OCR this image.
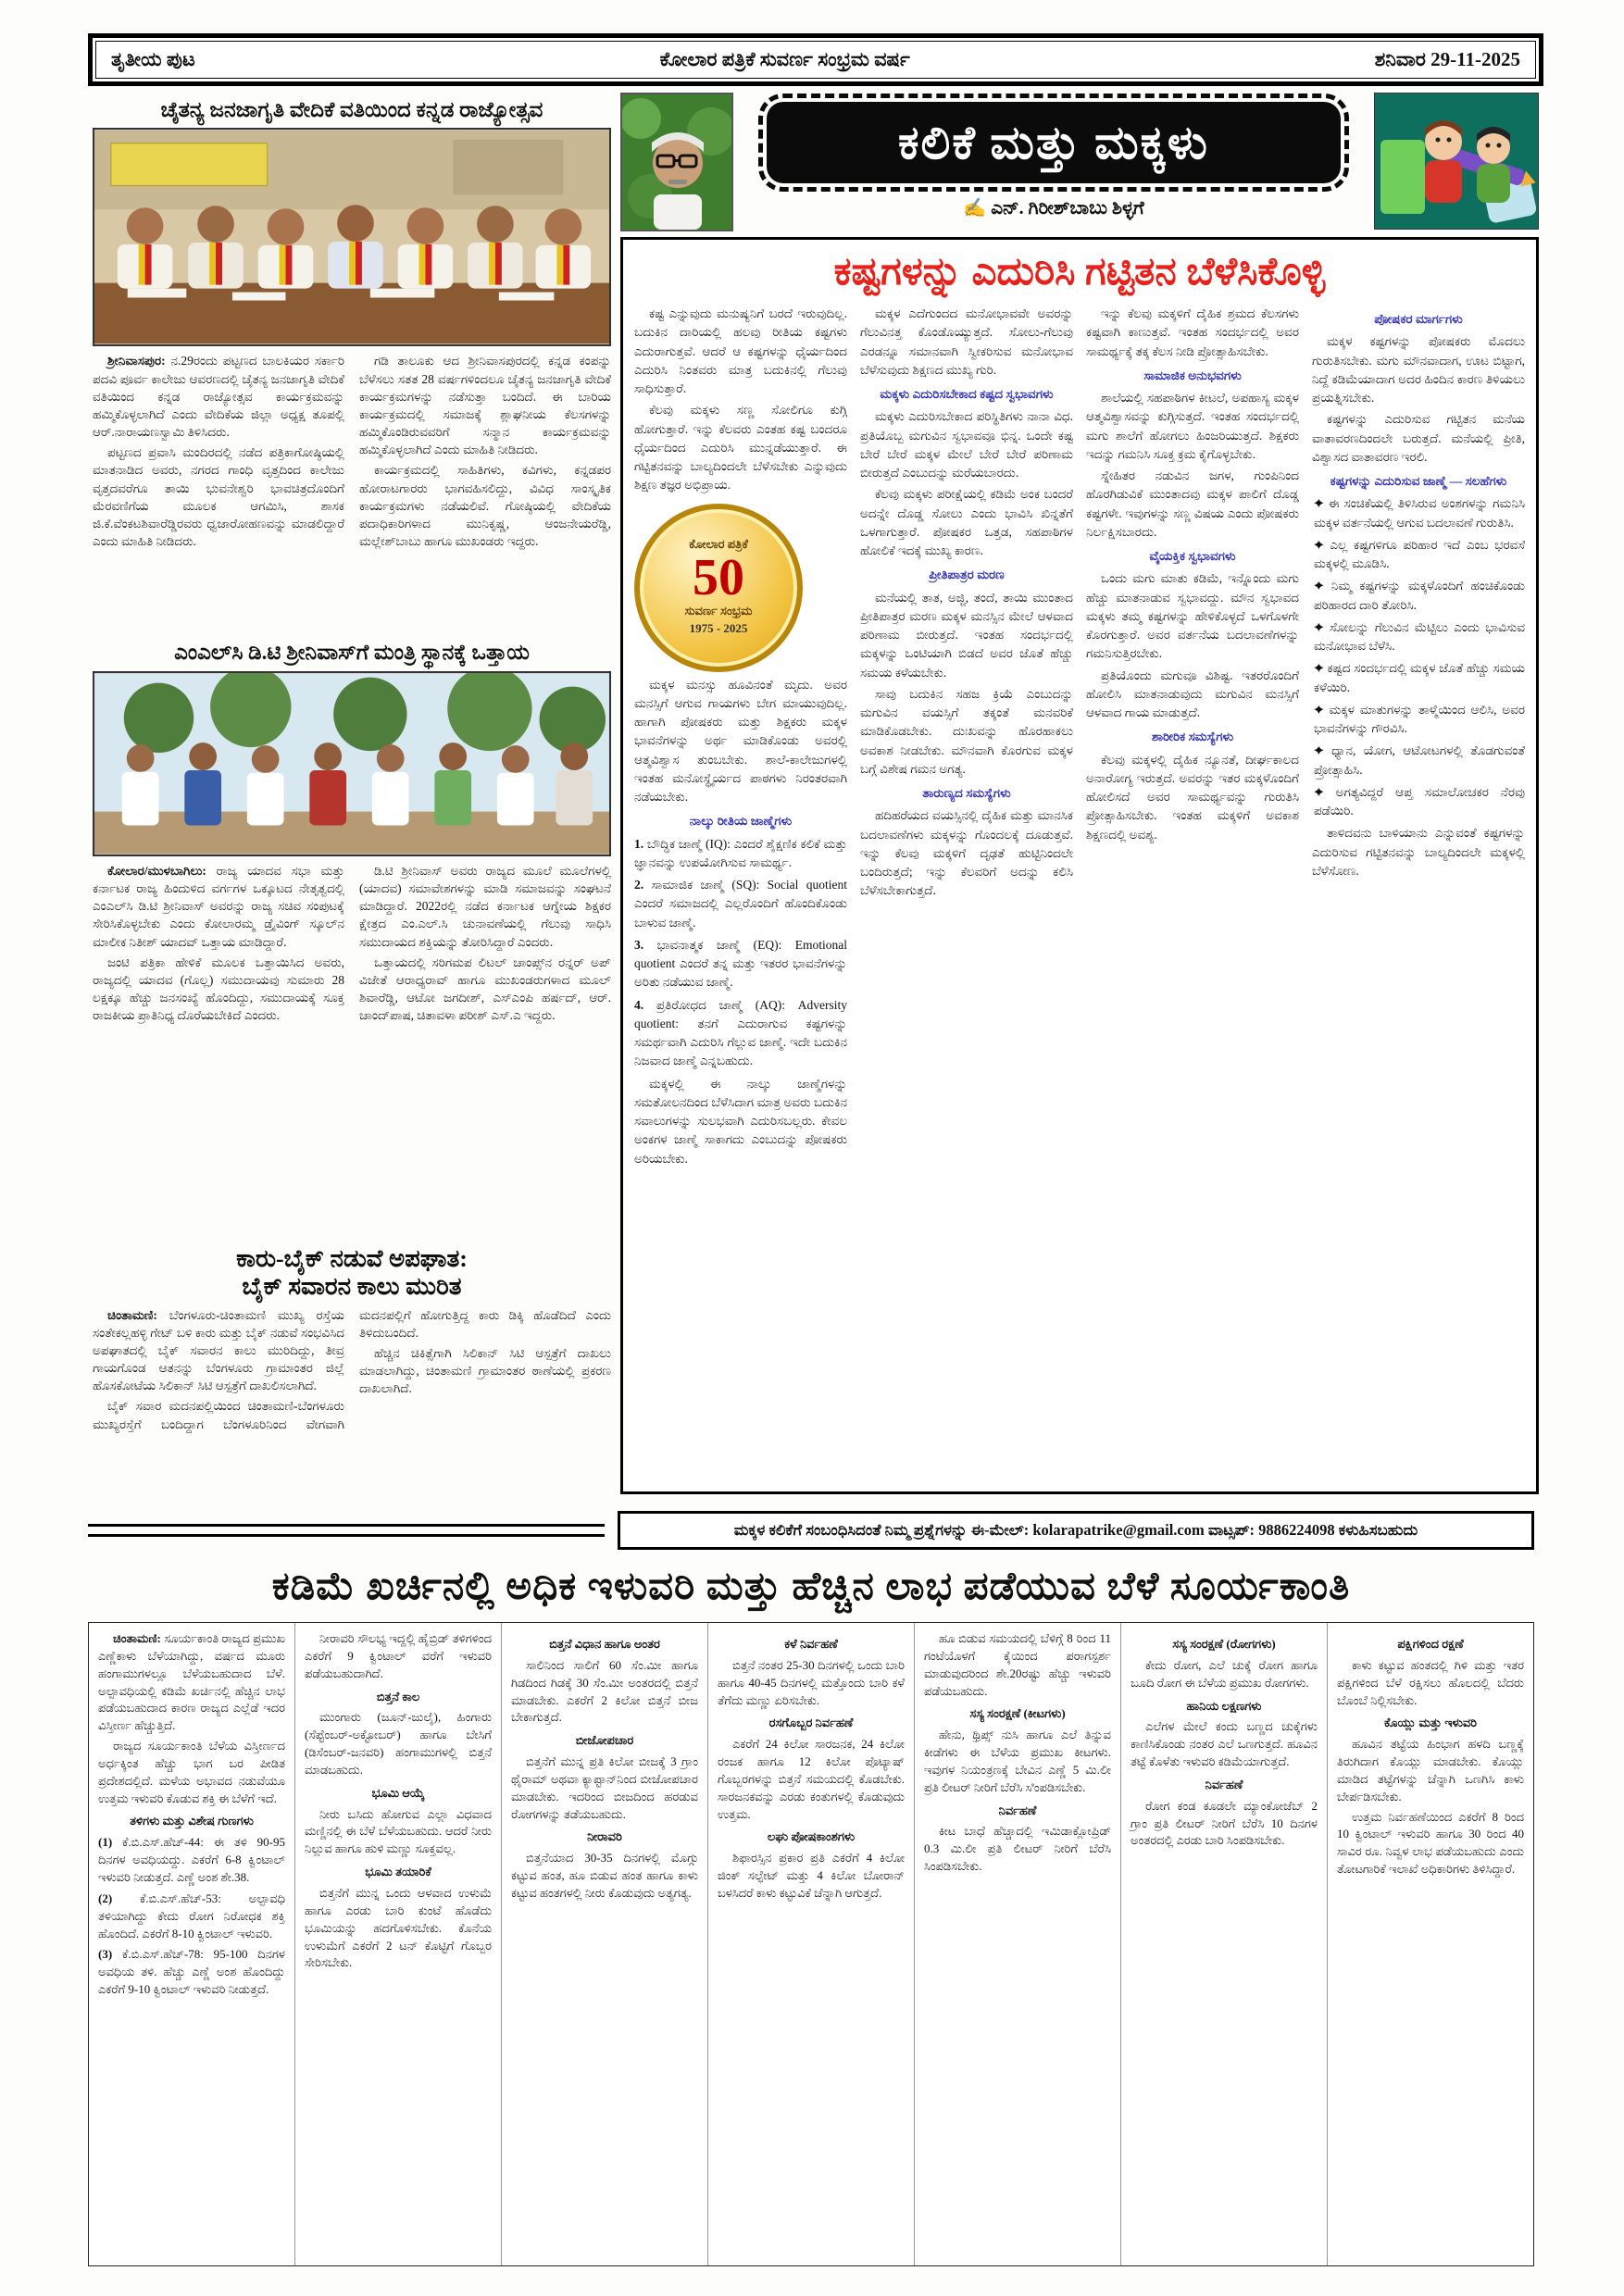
ತೃತೀಯ ಪುಟ	ಕೋಲಾರ ಪತ್ರಿಕೆ ಸುವರ್ಣ ಸಂಭ್ರಮ ವರ್ಷ	ಶನಿವಾರ 29-11-2025
ಚೈತನ್ಯ ಜನಜಾಗೃತಿ ವೇದಿಕೆ ವತಿಯಿಂದ ಕನ್ನಡ ರಾಜ್ಯೋತ್ಸವ
ಶ್ರೀನಿವಾಸಪುರ: ನ.29ರಂದು ಪಟ್ಟಣದ ಬಾಲಕಿಯರ ಸರ್ಕಾರಿ ಪದವಿ ಪೂರ್ವ ಕಾಲೇಜು ಆವರಣದಲ್ಲಿ ಚೈತನ್ಯ ಜನಜಾಗೃತಿ ವೇದಿಕೆ ವತಿಯಿಂದ ಕನ್ನಡ ರಾಜ್ಯೋತ್ಸವ ಕಾರ್ಯಕ್ರಮವನ್ನು ಹಮ್ಮಿಕೊಳ್ಳಲಾಗಿದೆ ಎಂದು ವೇದಿಕೆಯ ಜಿಲ್ಲಾ ಅಧ್ಯಕ್ಷ ತೂಪಲ್ಲಿ ಆರ್.ನಾರಾಯಣಸ್ವಾಮಿ ತಿಳಿಸಿದರು.
ಪಟ್ಟಣದ ಪ್ರವಾಸಿ ಮಂದಿರದಲ್ಲಿ ನಡೆದ ಪತ್ರಿಕಾಗೋಷ್ಠಿಯಲ್ಲಿ ಮಾತನಾಡಿದ ಅವರು, ನಗರದ ಗಾಂಧಿ ವೃತ್ತದಿಂದ ಕಾಲೇಜು ವೃತ್ತದವರೆಗೂ ತಾಯಿ ಭುವನೇಶ್ವರಿ ಭಾವಚಿತ್ರದೊಂದಿಗೆ ಮೆರವಣಿಗೆಯ ಮೂಲಕ ಆಗಮಿಸಿ, ಶಾಸಕ ಜಿ.ಕೆ.ವೆಂಕಟಶಿವಾರೆಡ್ಡಿರವರು ಧ್ವಜಾರೋಹಣವನ್ನು ಮಾಡಲಿದ್ದಾರೆ ಎಂದು ಮಾಹಿತಿ ನೀಡಿದರು.
ಗಡಿ ತಾಲೂಕು ಆದ ಶ್ರೀನಿವಾಸಪುರದಲ್ಲಿ ಕನ್ನಡ ಕಂಪನ್ನು ಬೆಳೆಸಲು ಸತತ 28 ವರ್ಷಗಳಿಂದಲೂ ಚೈತನ್ಯ ಜನಜಾಗೃತಿ ವೇದಿಕೆ ಕಾರ್ಯಕ್ರಮಗಳನ್ನು ನಡೆಸುತ್ತಾ ಬಂದಿದೆ. ಈ ಬಾರಿಯ ಕಾರ್ಯಕ್ರಮದಲ್ಲಿ ಸಮಾಜಕ್ಕೆ ಶ್ಲಾಘನೀಯ ಕೆಲಸಗಳನ್ನು ಹಮ್ಮಿಕೊಂಡಿರುವವರಿಗೆ ಸನ್ಮಾನ ಕಾರ್ಯಕ್ರಮವನ್ನು ಹಮ್ಮಿಕೊಳ್ಳಲಾಗಿದೆ ಎಂದು ಮಾಹಿತಿ ನೀಡಿದರು.
ಕಾರ್ಯಕ್ರಮದಲ್ಲಿ ಸಾಹಿತಿಗಳು, ಕವಿಗಳು, ಕನ್ನಡಪರ ಹೋರಾಟಗಾರರು ಭಾಗವಹಿಸಲಿದ್ದು, ವಿವಿಧ ಸಾಂಸ್ಕೃತಿಕ ಕಾರ್ಯಕ್ರಮಗಳು ನಡೆಯಲಿವೆ. ಗೋಷ್ಠಿಯಲ್ಲಿ ವೇದಿಕೆಯ ಪದಾಧಿಕಾರಿಗಳಾದ ಮುನಿಕೃಷ್ಣ, ಆಂಜನೇಯರೆಡ್ಡಿ, ಮಲ್ಲೇಶ್‌ಬಾಬು ಹಾಗೂ ಮುಖಂಡರು ಇದ್ದರು.
ಎಂಎಲ್‌ಸಿ ಡಿ.ಟಿ ಶ್ರೀನಿವಾಸ್‌ಗೆ ಮಂತ್ರಿ ಸ್ಥಾನಕ್ಕೆ ಒತ್ತಾಯ
ಕೋಲಾರ/ಮುಳಬಾಗಿಲು: ರಾಜ್ಯ ಯಾದವ ಸಭಾ ಮತ್ತು ಕರ್ನಾಟಕ ರಾಜ್ಯ ಹಿಂದುಳಿದ ವರ್ಗಗಳ ಒಕ್ಕೂಟದ ನೇತೃತ್ವದಲ್ಲಿ ಎಂಎಲ್‌ಸಿ ಡಿ.ಟಿ ಶ್ರೀನಿವಾಸ್ ಅವರನ್ನು ರಾಜ್ಯ ಸಚಿವ ಸಂಪುಟಕ್ಕೆ ಸೇರಿಸಿಕೊಳ್ಳಬೇಕು ಎಂದು ಕೋಲಾರಮ್ಮ ಡ್ರೈವಿಂಗ್ ಸ್ಕೂಲ್‌ನ ಮಾಲೀಕ ನಿತೀಶ್ ಯಾದವ್ ಒತ್ತಾಯ ಮಾಡಿದ್ದಾರೆ.
ಜಂಟಿ ಪತ್ರಿಕಾ ಹೇಳಿಕೆ ಮೂಲಕ ಒತ್ತಾಯಿಸಿದ ಅವರು, ರಾಜ್ಯದಲ್ಲಿ ಯಾದವ (ಗೊಲ್ಲ) ಸಮುದಾಯವು ಸುಮಾರು 28 ಲಕ್ಷಕ್ಕೂ ಹೆಚ್ಚು ಜನಸಂಖ್ಯೆ ಹೊಂದಿದ್ದು, ಸಮುದಾಯಕ್ಕೆ ಸೂಕ್ತ ರಾಜಕೀಯ ಪ್ರಾತಿನಿಧ್ಯ ದೊರೆಯಬೇಕಿದೆ ಎಂದರು.
ಡಿ.ಟಿ ಶ್ರೀನಿವಾಸ್ ಅವರು ರಾಜ್ಯದ ಮೂಲೆ ಮೂಲೆಗಳಲ್ಲಿ (ಯಾದವ) ಸಮಾವೇಶಗಳನ್ನು ಮಾಡಿ ಸಮಾಜವನ್ನು ಸಂಘಟನೆ ಮಾಡಿದ್ದಾರೆ. 2022ರಲ್ಲಿ ನಡೆದ ಕರ್ನಾಟಕ ಆಗ್ನೇಯ ಶಿಕ್ಷಕರ ಕ್ಷೇತ್ರದ ಎಂ.ಎಲ್.ಸಿ ಚುನಾವಣೆಯಲ್ಲಿ ಗೆಲುವು ಸಾಧಿಸಿ ಸಮುದಾಯದ ಶಕ್ತಿಯನ್ನು ತೋರಿಸಿದ್ದಾರೆ ಎಂದರು.
ಒತ್ತಾಯದಲ್ಲಿ ಸರಿಗಮಪ ಲಿಟಲ್ ಚಾಂಪ್ಸ್‌ನ ರನ್ನರ್ ಅಪ್ ವಿಜೇತೆ ಆರಾಧ್ಯರಾವ್ ಹಾಗೂ ಮುಖಂಡರುಗಳಾದ ಮೂಲ್ ಶಿವಾರೆಡ್ಡಿ, ಆಟೋ ಜಗದೀಶ್, ಎಸ್‌ಎಂಪಿ ಹರ್ಷದ್, ಆರ್. ಚಾಂದ್‌ಪಾಷ, ಚಿತಾವಳಾ ಪರೀಶ್ ಎಸ್.ಎ ಇದ್ದರು.
ಕಾರು-ಬೈಕ್ ನಡುವೆ ಅಪಘಾತ:
ಬೈಕ್ ಸವಾರನ ಕಾಲು ಮುರಿತ
ಚಿಂತಾಮಣಿ: ಬೆಂಗಳೂರು-ಚಿಂತಾಮಣಿ ಮುಖ್ಯ ರಸ್ತೆಯ ಸಂತೇಕಲ್ಲಹಳ್ಳಿ ಗೇಟ್ ಬಳಿ ಕಾರು ಮತ್ತು ಬೈಕ್ ನಡುವೆ ಸಂಭವಿಸಿದ ಅಪಘಾತದಲ್ಲಿ ಬೈಕ್ ಸವಾರನ ಕಾಲು ಮುರಿದಿದ್ದು, ತೀವ್ರ ಗಾಯಗೊಂಡ ಆತನನ್ನು ಬೆಂಗಳೂರು ಗ್ರಾಮಾಂತರ ಜಿಲ್ಲೆ ಹೊಸಕೋಟೆಯ ಸಿಲಿಕಾನ್ ಸಿಟಿ ಆಸ್ಪತ್ರೆಗೆ ದಾಖಲಿಸಲಾಗಿದೆ.
ಬೈಕ್ ಸವಾರ ಮದನಪಲ್ಲಿಯಿಂದ ಚಿಂತಾಮಣಿ-ಬೆಂಗಳೂರು ಮುಖ್ಯರಸ್ತೆಗೆ ಬಂದಿದ್ದಾಗ ಬೆಂಗಳೂರಿನಿಂದ ವೇಗವಾಗಿ ಮದನಪಲ್ಲಿಗೆ ಹೋಗುತ್ತಿದ್ದ ಕಾರು ಡಿಕ್ಕಿ ಹೊಡೆದಿದೆ ಎಂದು ತಿಳಿದುಬಂದಿದೆ.
ಹೆಚ್ಚಿನ ಚಿಕಿತ್ಸೆಗಾಗಿ ಸಿಲಿಕಾನ್ ಸಿಟಿ ಆಸ್ಪತ್ರೆಗೆ ದಾಖಲು ಮಾಡಲಾಗಿದ್ದು, ಚಿಂತಾಮಣಿ ಗ್ರಾಮಾಂತರ ಠಾಣೆಯಲ್ಲಿ ಪ್ರಕರಣ ದಾಖಲಾಗಿದೆ.
ಕಲಿಕೆ ಮತ್ತು ಮಕ್ಕಳು
✍ ಎನ್. ಗಿರೀಶ್‌ಬಾಬು ಶಿಳ್ಳಗೆ
ಕಷ್ಟಗಳನ್ನು ಎದುರಿಸಿ ಗಟ್ಟಿತನ ಬೆಳೆಸಿಕೊಳ್ಳಿ
ಕಷ್ಟ ಎನ್ನುವುದು ಮನುಷ್ಯನಿಗೆ ಬರದೆ ಇರುವುದಿಲ್ಲ. ಬದುಕಿನ ದಾರಿಯಲ್ಲಿ ಹಲವು ರೀತಿಯ ಕಷ್ಟಗಳು ಎದುರಾಗುತ್ತವೆ. ಆದರೆ ಆ ಕಷ್ಟಗಳನ್ನು ಧೈರ್ಯದಿಂದ ಎದುರಿಸಿ ನಿಂತವರು ಮಾತ್ರ ಬದುಕಿನಲ್ಲಿ ಗೆಲುವು ಸಾಧಿಸುತ್ತಾರೆ.
ಕೆಲವು ಮಕ್ಕಳು ಸಣ್ಣ ಸೋಲಿಗೂ ಕುಗ್ಗಿ ಹೋಗುತ್ತಾರೆ. ಇನ್ನು ಕೆಲವರು ಎಂತಹ ಕಷ್ಟ ಬಂದರೂ ಧೈರ್ಯದಿಂದ ಎದುರಿಸಿ ಮುನ್ನಡೆಯುತ್ತಾರೆ. ಈ ಗಟ್ಟಿತನವನ್ನು ಬಾಲ್ಯದಿಂದಲೇ ಬೆಳೆಸಬೇಕು ಎನ್ನುವುದು ಶಿಕ್ಷಣ ತಜ್ಞರ ಅಭಿಪ್ರಾಯ.
ಕೋಲಾರ ಪತ್ರಿಕೆ
50
ಸುವರ್ಣ ಸಂಭ್ರಮ
1975 - 2025
ಮಕ್ಕಳ ಮನಸ್ಸು ಹೂವಿನಂತೆ ಮೃದು. ಅವರ ಮನಸ್ಸಿಗೆ ಆಗುವ ಗಾಯಗಳು ಬೇಗ ಮಾಯುವುದಿಲ್ಲ. ಹಾಗಾಗಿ ಪೋಷಕರು ಮತ್ತು ಶಿಕ್ಷಕರು ಮಕ್ಕಳ ಭಾವನೆಗಳನ್ನು ಅರ್ಥ ಮಾಡಿಕೊಂಡು ಅವರಲ್ಲಿ ಆತ್ಮವಿಶ್ವಾಸ ತುಂಬಬೇಕು. ಶಾಲೆ-ಕಾಲೇಜುಗಳಲ್ಲಿ ಇಂತಹ ಮನೋಸ್ಥೈರ್ಯದ ಪಾಠಗಳು ನಿರಂತರವಾಗಿ ನಡೆಯಬೇಕು.
ನಾಲ್ಕು ರೀತಿಯ ಜಾಣ್ಮೆಗಳು
1. ಬೌದ್ಧಿಕ ಜಾಣ್ಮೆ (IQ): ಎಂದರೆ ಶೈಕ್ಷಣಿಕ ಕಲಿಕೆ ಮತ್ತು ಜ್ಞಾನವನ್ನು ಉಪಯೋಗಿಸುವ ಸಾಮರ್ಥ್ಯ.
2. ಸಾಮಾಜಿಕ ಜಾಣ್ಮೆ (SQ): Social quotient ಎಂದರೆ ಸಮಾಜದಲ್ಲಿ ಎಲ್ಲರೊಂದಿಗೆ ಹೊಂದಿಕೊಂಡು ಬಾಳುವ ಜಾಣ್ಮೆ.
3. ಭಾವನಾತ್ಮಕ ಜಾಣ್ಮೆ (EQ): Emotional quotient ಎಂದರೆ ತನ್ನ ಮತ್ತು ಇತರರ ಭಾವನೆಗಳನ್ನು ಅರಿತು ನಡೆಯುವ ಜಾಣ್ಮೆ.
4. ಪ್ರತಿರೋಧದ ಜಾಣ್ಮೆ (AQ): Adversity quotient: ತನಗೆ ಎದುರಾಗುವ ಕಷ್ಟಗಳನ್ನು ಸಮರ್ಥವಾಗಿ ಎದುರಿಸಿ ಗೆಲ್ಲುವ ಜಾಣ್ಮೆ. ಇದೇ ಬದುಕಿನ ನಿಜವಾದ ಜಾಣ್ಮೆ ಎನ್ನಬಹುದು.
ಮಕ್ಕಳಲ್ಲಿ ಈ ನಾಲ್ಕು ಜಾಣ್ಮೆಗಳನ್ನು ಸಮತೋಲನದಿಂದ ಬೆಳೆಸಿದಾಗ ಮಾತ್ರ ಅವರು ಬದುಕಿನ ಸವಾಲುಗಳನ್ನು ಸುಲಭವಾಗಿ ಎದುರಿಸಬಲ್ಲರು. ಕೇವಲ ಅಂಕಗಳ ಜಾಣ್ಮೆ ಸಾಕಾಗದು ಎಂಬುದನ್ನು ಪೋಷಕರು ಅರಿಯಬೇಕು.
ಮಕ್ಕಳ ಎದೆಗುಂದದ ಮನೋಭಾವವೇ ಅವರನ್ನು ಗೆಲುವಿನತ್ತ ಕೊಂಡೊಯ್ಯುತ್ತದೆ. ಸೋಲು-ಗೆಲುವು ಎರಡನ್ನೂ ಸಮಾನವಾಗಿ ಸ್ವೀಕರಿಸುವ ಮನೋಭಾವ ಬೆಳೆಸುವುದು ಶಿಕ್ಷಣದ ಮುಖ್ಯ ಗುರಿ.
ಮಕ್ಕಳು ಎದುರಿಸಬೇಕಾದ ಕಷ್ಟದ ಸ್ವಭಾವಗಳು
ಮಕ್ಕಳು ಎದುರಿಸಬೇಕಾದ ಪರಿಸ್ಥಿತಿಗಳು ನಾನಾ ವಿಧ. ಪ್ರತಿಯೊಬ್ಬ ಮಗುವಿನ ಸ್ವಭಾವವೂ ಭಿನ್ನ. ಒಂದೇ ಕಷ್ಟ ಬೇರೆ ಬೇರೆ ಮಕ್ಕಳ ಮೇಲೆ ಬೇರೆ ಬೇರೆ ಪರಿಣಾಮ ಬೀರುತ್ತದೆ ಎಂಬುದನ್ನು ಮರೆಯಬಾರದು.
ಕೆಲವು ಮಕ್ಕಳು ಪರೀಕ್ಷೆಯಲ್ಲಿ ಕಡಿಮೆ ಅಂಕ ಬಂದರೆ ಅದನ್ನೇ ದೊಡ್ಡ ಸೋಲು ಎಂದು ಭಾವಿಸಿ ಖಿನ್ನತೆಗೆ ಒಳಗಾಗುತ್ತಾರೆ. ಪೋಷಕರ ಒತ್ತಡ, ಸಹಪಾಠಿಗಳ ಹೋಲಿಕೆ ಇದಕ್ಕೆ ಮುಖ್ಯ ಕಾರಣ.
ಪ್ರೀತಿಪಾತ್ರರ ಮರಣ
ಮನೆಯಲ್ಲಿ ತಾತ, ಅಜ್ಜಿ, ತಂದೆ, ತಾಯಿ ಮುಂತಾದ ಪ್ರೀತಿಪಾತ್ರರ ಮರಣ ಮಕ್ಕಳ ಮನಸ್ಸಿನ ಮೇಲೆ ಆಳವಾದ ಪರಿಣಾಮ ಬೀರುತ್ತದೆ. ಇಂತಹ ಸಂದರ್ಭದಲ್ಲಿ ಮಕ್ಕಳನ್ನು ಒಂಟಿಯಾಗಿ ಬಿಡದೆ ಅವರ ಜೊತೆ ಹೆಚ್ಚು ಸಮಯ ಕಳೆಯಬೇಕು.
ಸಾವು ಬದುಕಿನ ಸಹಜ ಕ್ರಿಯೆ ಎಂಬುದನ್ನು ಮಗುವಿನ ವಯಸ್ಸಿಗೆ ತಕ್ಕಂತೆ ಮನವರಿಕೆ ಮಾಡಿಕೊಡಬೇಕು. ದುಃಖವನ್ನು ಹೊರಹಾಕಲು ಅವಕಾಶ ನೀಡಬೇಕು. ಮೌನವಾಗಿ ಕೊರಗುವ ಮಕ್ಕಳ ಬಗ್ಗೆ ವಿಶೇಷ ಗಮನ ಅಗತ್ಯ.
ತಾರುಣ್ಯದ ಸಮಸ್ಯೆಗಳು
ಹದಿಹರೆಯದ ವಯಸ್ಸಿನಲ್ಲಿ ದೈಹಿಕ ಮತ್ತು ಮಾನಸಿಕ ಬದಲಾವಣೆಗಳು ಮಕ್ಕಳನ್ನು ಗೊಂದಲಕ್ಕೆ ದೂಡುತ್ತವೆ. ಇನ್ನು ಕೆಲವು ಮಕ್ಕಳಿಗೆ ದೃಢತೆ ಹುಟ್ಟಿನಿಂದಲೇ ಬಂದಿರುತ್ತದೆ; ಇನ್ನು ಕೆಲವರಿಗೆ ಅದನ್ನು ಕಲಿಸಿ ಬೆಳೆಸಬೇಕಾಗುತ್ತದೆ.
ಇನ್ನು ಕೆಲವು ಮಕ್ಕಳಿಗೆ ದೈಹಿಕ ಶ್ರಮದ ಕೆಲಸಗಳು ಕಷ್ಟವಾಗಿ ಕಾಣುತ್ತವೆ. ಇಂತಹ ಸಂದರ್ಭದಲ್ಲಿ ಅವರ ಸಾಮರ್ಥ್ಯಕ್ಕೆ ತಕ್ಕ ಕೆಲಸ ನೀಡಿ ಪ್ರೋತ್ಸಾಹಿಸಬೇಕು.
ಸಾಮಾಜಿಕ ಅನುಭವಗಳು
ಶಾಲೆಯಲ್ಲಿ ಸಹಪಾಠಿಗಳ ಕೀಟಲೆ, ಅಪಹಾಸ್ಯ ಮಕ್ಕಳ ಆತ್ಮವಿಶ್ವಾಸವನ್ನು ಕುಗ್ಗಿಸುತ್ತದೆ. ಇಂತಹ ಸಂದರ್ಭದಲ್ಲಿ ಮಗು ಶಾಲೆಗೆ ಹೋಗಲು ಹಿಂಜರಿಯುತ್ತದೆ. ಶಿಕ್ಷಕರು ಇದನ್ನು ಗಮನಿಸಿ ಸೂಕ್ತ ಕ್ರಮ ಕೈಗೊಳ್ಳಬೇಕು.
ಸ್ನೇಹಿತರ ನಡುವಿನ ಜಗಳ, ಗುಂಪಿನಿಂದ ಹೊರಗಿಡುವಿಕೆ ಮುಂತಾದವು ಮಕ್ಕಳ ಪಾಲಿಗೆ ದೊಡ್ಡ ಕಷ್ಟಗಳೇ. ಇವುಗಳನ್ನು ಸಣ್ಣ ವಿಷಯ ಎಂದು ಪೋಷಕರು ನಿರ್ಲಕ್ಷಿಸಬಾರದು.
ವೈಯಕ್ತಿಕ ಸ್ವಭಾವಗಳು
ಒಂದು ಮಗು ಮಾತು ಕಡಿಮೆ, ಇನ್ನೊಂದು ಮಗು ಹೆಚ್ಚು ಮಾತನಾಡುವ ಸ್ವಭಾವದ್ದು. ಮೌನ ಸ್ವಭಾವದ ಮಕ್ಕಳು ತಮ್ಮ ಕಷ್ಟಗಳನ್ನು ಹೇಳಿಕೊಳ್ಳದೆ ಒಳಗೊಳಗೇ ಕೊರಗುತ್ತಾರೆ. ಅವರ ವರ್ತನೆಯ ಬದಲಾವಣೆಗಳನ್ನು ಗಮನಿಸುತ್ತಿರಬೇಕು.
ಪ್ರತಿಯೊಂದು ಮಗುವೂ ವಿಶಿಷ್ಟ. ಇತರರೊಂದಿಗೆ ಹೋಲಿಸಿ ಮಾತನಾಡುವುದು ಮಗುವಿನ ಮನಸ್ಸಿಗೆ ಆಳವಾದ ಗಾಯ ಮಾಡುತ್ತದೆ.
ಶಾರೀರಿಕ ಸಮಸ್ಯೆಗಳು
ಕೆಲವು ಮಕ್ಕಳಲ್ಲಿ ದೈಹಿಕ ನ್ಯೂನತೆ, ದೀರ್ಘಕಾಲದ ಅನಾರೋಗ್ಯ ಇರುತ್ತದೆ. ಅವರನ್ನು ಇತರ ಮಕ್ಕಳೊಂದಿಗೆ ಹೋಲಿಸದೆ ಅವರ ಸಾಮರ್ಥ್ಯವನ್ನು ಗುರುತಿಸಿ ಪ್ರೋತ್ಸಾಹಿಸಬೇಕು. ಇಂತಹ ಮಕ್ಕಳಿಗೆ ಅವಕಾಶ ಶಿಕ್ಷಣದಲ್ಲಿ ಅವಶ್ಯ.
ಪೋಷಕರ ಮಾರ್ಗಗಳು
ಮಕ್ಕಳ ಕಷ್ಟಗಳನ್ನು ಪೋಷಕರು ಮೊದಲು ಗುರುತಿಸಬೇಕು. ಮಗು ಮೌನವಾದಾಗ, ಊಟ ಬಿಟ್ಟಾಗ, ನಿದ್ದೆ ಕಡಿಮೆಯಾದಾಗ ಅದರ ಹಿಂದಿನ ಕಾರಣ ತಿಳಿಯಲು ಪ್ರಯತ್ನಿಸಬೇಕು.
ಕಷ್ಟಗಳನ್ನು ಎದುರಿಸುವ ಗಟ್ಟಿತನ ಮನೆಯ ವಾತಾವರಣದಿಂದಲೇ ಬರುತ್ತದೆ. ಮನೆಯಲ್ಲಿ ಪ್ರೀತಿ, ವಿಶ್ವಾಸದ ವಾತಾವರಣ ಇರಲಿ.
ಕಷ್ಟಗಳನ್ನು ಎದುರಿಸುವ ಜಾಣ್ಮೆ — ಸಲಹೆಗಳು
✦ ಈ ಸಂಚಿಕೆಯಲ್ಲಿ ತಿಳಿಸಿರುವ ಅಂಶಗಳನ್ನು ಗಮನಿಸಿ ಮಕ್ಕಳ ವರ್ತನೆಯಲ್ಲಿ ಆಗುವ ಬದಲಾವಣೆ ಗುರುತಿಸಿ.
✦ ಎಲ್ಲ ಕಷ್ಟಗಳಿಗೂ ಪರಿಹಾರ ಇದೆ ಎಂಬ ಭರವಸೆ ಮಕ್ಕಳಲ್ಲಿ ಮೂಡಿಸಿ.
✦ ನಿಮ್ಮ ಕಷ್ಟಗಳನ್ನು ಮಕ್ಕಳೊಂದಿಗೆ ಹಂಚಿಕೊಂಡು ಪರಿಹಾರದ ದಾರಿ ತೋರಿಸಿ.
✦ ಸೋಲನ್ನು ಗೆಲುವಿನ ಮೆಟ್ಟಿಲು ಎಂದು ಭಾವಿಸುವ ಮನೋಭಾವ ಬೆಳೆಸಿ.
✦ ಕಷ್ಟದ ಸಂದರ್ಭದಲ್ಲಿ ಮಕ್ಕಳ ಜೊತೆ ಹೆಚ್ಚು ಸಮಯ ಕಳೆಯಿರಿ.
✦ ಮಕ್ಕಳ ಮಾತುಗಳನ್ನು ತಾಳ್ಮೆಯಿಂದ ಆಲಿಸಿ, ಅವರ ಭಾವನೆಗಳನ್ನು ಗೌರವಿಸಿ.
✦ ಧ್ಯಾನ, ಯೋಗ, ಆಟೋಟಗಳಲ್ಲಿ ತೊಡಗುವಂತೆ ಪ್ರೋತ್ಸಾಹಿಸಿ.
✦ ಅಗತ್ಯವಿದ್ದರೆ ಆಪ್ತ ಸಮಾಲೋಚಕರ ನೆರವು ಪಡೆಯಿರಿ.
ತಾಳಿದವನು ಬಾಳಿಯಾನು ಎನ್ನುವಂತೆ ಕಷ್ಟಗಳನ್ನು ಎದುರಿಸುವ ಗಟ್ಟಿತನವನ್ನು ಬಾಲ್ಯದಿಂದಲೇ ಮಕ್ಕಳಲ್ಲಿ ಬೆಳೆಸೋಣ.
ಮಕ್ಕಳ ಕಲಿಕೆಗೆ ಸಂಬಂಧಿಸಿದಂತೆ ನಿಮ್ಮ ಪ್ರಶ್ನೆಗಳನ್ನು ಈ-ಮೇಲ್: kolarapatrike@gmail.com ವಾಟ್ಸಪ್: 9886224098 ಕಳುಹಿಸಬಹುದು
ಕಡಿಮೆ ಖರ್ಚಿನಲ್ಲಿ ಅಧಿಕ ಇಳುವರಿ ಮತ್ತು ಹೆಚ್ಚಿನ ಲಾಭ ಪಡೆಯುವ ಬೆಳೆ ಸೂರ್ಯಕಾಂತಿ
ಚಿಂತಾಮಣಿ: ಸೂರ್ಯಕಾಂತಿ ರಾಜ್ಯದ ಪ್ರಮುಖ ಎಣ್ಣೆಕಾಳು ಬೆಳೆಯಾಗಿದ್ದು, ವರ್ಷದ ಮೂರು ಹಂಗಾಮುಗಳಲ್ಲೂ ಬೆಳೆಯಬಹುದಾದ ಬೆಳೆ. ಅಲ್ಪಾವಧಿಯಲ್ಲಿ ಕಡಿಮೆ ಖರ್ಚಿನಲ್ಲಿ ಹೆಚ್ಚಿನ ಲಾಭ ಪಡೆಯಬಹುದಾದ ಕಾರಣ ರಾಜ್ಯದ ಎಲ್ಲೆಡೆ ಇದರ ವಿಸ್ತೀರ್ಣ ಹೆಚ್ಚುತ್ತಿದೆ.
ರಾಜ್ಯದ ಸೂರ್ಯಕಾಂತಿ ಬೆಳೆಯ ವಿಸ್ತೀರ್ಣದ ಅರ್ಧಕ್ಕಿಂತ ಹೆಚ್ಚು ಭಾಗ ಬರ ಪೀಡಿತ ಪ್ರದೇಶದಲ್ಲಿದೆ. ಮಳೆಯ ಅಭಾವದ ನಡುವೆಯೂ ಉತ್ತಮ ಇಳುವರಿ ಕೊಡುವ ಶಕ್ತಿ ಈ ಬೆಳೆಗೆ ಇದೆ.
ತಳಿಗಳು ಮತ್ತು ವಿಶೇಷ ಗುಣಗಳು
(1) ಕೆ.ಬಿ.ಎಸ್.ಹೆಚ್-44: ಈ ತಳಿ 90-95 ದಿನಗಳ ಅವಧಿಯದ್ದು. ಎಕರೆಗೆ 6-8 ಕ್ವಿಂಟಾಲ್ ಇಳುವರಿ ನೀಡುತ್ತದೆ. ಎಣ್ಣೆ ಅಂಶ ಶೇ.38.
(2) ಕೆ.ಬಿ.ಎಸ್.ಹೆಚ್-53: ಅಲ್ಪಾವಧಿ ತಳಿಯಾಗಿದ್ದು ಕೇದು ರೋಗ ನಿರೋಧಕ ಶಕ್ತಿ ಹೊಂದಿದೆ. ಎಕರೆಗೆ 8-10 ಕ್ವಿಂಟಾಲ್ ಇಳುವರಿ.
(3) ಕೆ.ಬಿ.ಎಸ್.ಹೆಚ್-78: 95-100 ದಿನಗಳ ಅವಧಿಯ ತಳಿ. ಹೆಚ್ಚು ಎಣ್ಣೆ ಅಂಶ ಹೊಂದಿದ್ದು ಎಕರೆಗೆ 9-10 ಕ್ವಿಂಟಾಲ್ ಇಳುವರಿ ನೀಡುತ್ತದೆ.
ನೀರಾವರಿ ಸೌಲಭ್ಯ ಇದ್ದಲ್ಲಿ ಹೈಬ್ರಿಡ್ ತಳಿಗಳಿಂದ ಎಕರೆಗೆ 9 ಕ್ವಿಂಟಾಲ್ ವರೆಗೆ ಇಳುವರಿ ಪಡೆಯಬಹುದಾಗಿದೆ.
ಬಿತ್ತನೆ ಕಾಲ
ಮುಂಗಾರು (ಜೂನ್-ಜುಲೈ), ಹಿಂಗಾರು (ಸೆಪ್ಟೆಂಬರ್-ಅಕ್ಟೋಬರ್) ಹಾಗೂ ಬೇಸಿಗೆ (ಡಿಸೆಂಬರ್-ಜನವರಿ) ಹಂಗಾಮುಗಳಲ್ಲಿ ಬಿತ್ತನೆ ಮಾಡಬಹುದು.
ಭೂಮಿ ಆಯ್ಕೆ
ನೀರು ಬಸಿದು ಹೋಗುವ ಎಲ್ಲಾ ವಿಧವಾದ ಮಣ್ಣಿನಲ್ಲಿ ಈ ಬೆಳೆ ಬೆಳೆಯಬಹುದು. ಆದರೆ ನೀರು ನಿಲ್ಲುವ ಹಾಗೂ ಹುಳಿ ಮಣ್ಣು ಸೂಕ್ತವಲ್ಲ.
ಭೂಮಿ ತಯಾರಿಕೆ
ಬಿತ್ತನೆಗೆ ಮುನ್ನ ಒಂದು ಆಳವಾದ ಉಳುಮೆ ಹಾಗೂ ಎರಡು ಬಾರಿ ಕುಂಟೆ ಹೊಡೆದು ಭೂಮಿಯನ್ನು ಹದಗೊಳಿಸಬೇಕು. ಕೊನೆಯ ಉಳುಮೆಗೆ ಎಕರೆಗೆ 2 ಟನ್ ಕೊಟ್ಟಿಗೆ ಗೊಬ್ಬರ ಸೇರಿಸಬೇಕು.
ಬಿತ್ತನೆ ವಿಧಾನ ಹಾಗೂ ಅಂತರ
ಸಾಲಿನಿಂದ ಸಾಲಿಗೆ 60 ಸೆಂ.ಮೀ ಹಾಗೂ ಗಿಡದಿಂದ ಗಿಡಕ್ಕೆ 30 ಸೆಂ.ಮೀ ಅಂತರದಲ್ಲಿ ಬಿತ್ತನೆ ಮಾಡಬೇಕು. ಎಕರೆಗೆ 2 ಕಿಲೋ ಬಿತ್ತನೆ ಬೀಜ ಬೇಕಾಗುತ್ತದೆ.
ಬೀಜೋಪಚಾರ
ಬಿತ್ತನೆಗೆ ಮುನ್ನ ಪ್ರತಿ ಕಿಲೋ ಬೀಜಕ್ಕೆ 3 ಗ್ರಾಂ ಥೈರಾಮ್ ಅಥವಾ ಕ್ಯಾಪ್ಟಾನ್‌ನಿಂದ ಬೀಜೋಪಚಾರ ಮಾಡಬೇಕು. ಇದರಿಂದ ಬೀಜದಿಂದ ಹರಡುವ ರೋಗಗಳನ್ನು ತಡೆಯಬಹುದು.
ನೀರಾವರಿ
ಬಿತ್ತನೆಯಾದ 30-35 ದಿನಗಳಲ್ಲಿ ಮೊಗ್ಗು ಕಟ್ಟುವ ಹಂತ, ಹೂ ಬಿಡುವ ಹಂತ ಹಾಗೂ ಕಾಳು ಕಟ್ಟುವ ಹಂತಗಳಲ್ಲಿ ನೀರು ಕೊಡುವುದು ಅತ್ಯಗತ್ಯ.
ಕಳೆ ನಿರ್ವಹಣೆ
ಬಿತ್ತನೆ ನಂತರ 25-30 ದಿನಗಳಲ್ಲಿ ಒಂದು ಬಾರಿ ಹಾಗೂ 40-45 ದಿನಗಳಲ್ಲಿ ಮತ್ತೊಂದು ಬಾರಿ ಕಳೆ ತೆಗೆದು ಮಣ್ಣು ಏರಿಸಬೇಕು.
ರಸಗೊಬ್ಬರ ನಿರ್ವಹಣೆ
ಎಕರೆಗೆ 24 ಕಿಲೋ ಸಾರಜನಕ, 24 ಕಿಲೋ ರಂಜಕ ಹಾಗೂ 12 ಕಿಲೋ ಪೊಟ್ಯಾಷ್ ಗೊಬ್ಬರಗಳನ್ನು ಬಿತ್ತನೆ ಸಮಯದಲ್ಲಿ ಕೊಡಬೇಕು. ಸಾರಜನಕವನ್ನು ಎರಡು ಕಂತುಗಳಲ್ಲಿ ಕೊಡುವುದು ಉತ್ತಮ.
ಲಘು ಪೋಷಕಾಂಶಗಳು
ಶಿಫಾರಸ್ಸಿನ ಪ್ರಕಾರ ಪ್ರತಿ ಎಕರೆಗೆ 4 ಕಿಲೋ ಜಿಂಕ್ ಸಲ್ಫೇಟ್ ಮತ್ತು 4 ಕಿಲೋ ಬೋರಾನ್ ಬಳಸಿದರೆ ಕಾಳು ಕಟ್ಟುವಿಕೆ ಚೆನ್ನಾಗಿ ಆಗುತ್ತದೆ.
ಹೂ ಬಿಡುವ ಸಮಯದಲ್ಲಿ ಬೆಳಿಗ್ಗೆ 8 ರಿಂದ 11 ಗಂಟೆಯೊಳಗೆ ಕೈಯಿಂದ ಪರಾಗಸ್ಪರ್ಶ ಮಾಡುವುದರಿಂದ ಶೇ.20ರಷ್ಟು ಹೆಚ್ಚು ಇಳುವರಿ ಪಡೆಯಬಹುದು.
ಸಸ್ಯ ಸಂರಕ್ಷಣೆ (ಕೀಟಗಳು)
ಹೇನು, ಥ್ರಿಪ್ಸ್ ನುಸಿ ಹಾಗೂ ಎಲೆ ತಿನ್ನುವ ಕೀಡೆಗಳು ಈ ಬೆಳೆಯ ಪ್ರಮುಖ ಕೀಟಗಳು. ಇವುಗಳ ನಿಯಂತ್ರಣಕ್ಕೆ ಬೇವಿನ ಎಣ್ಣೆ 5 ಮಿ.ಲೀ ಪ್ರತಿ ಲೀಟರ್ ನೀರಿಗೆ ಬೆರೆಸಿ ಸ‍ಿಂಪಡಿಸಬೇಕು.
ನಿರ್ವಹಣೆ
ಕೀಟ ಬಾಧೆ ಹೆಚ್ಚಾದಲ್ಲಿ ಇಮಿಡಾಕ್ಲೋಪ್ರಿಡ್ 0.3 ಮಿ.ಲೀ ಪ್ರತಿ ಲೀಟರ್ ನೀರಿಗೆ ಬೆರೆಸಿ ಸಿಂಪಡಿಸಬೇಕು.
ಸಸ್ಯ ಸಂರಕ್ಷಣೆ (ರೋಗಗಳು)
ಕೇದು ರೋಗ, ಎಲೆ ಚುಕ್ಕೆ ರೋಗ ಹಾಗೂ ಬೂದಿ ರೋಗ ಈ ಬೆಳೆಯ ಪ್ರಮುಖ ರೋಗಗಳು.
ಹಾನಿಯ ಲಕ್ಷಣಗಳು
ಎಲೆಗಳ ಮೇಲೆ ಕಂದು ಬಣ್ಣದ ಚುಕ್ಕೆಗಳು ಕಾಣಿಸಿಕೊಂಡು ನಂತರ ಎಲೆ ಒಣಗುತ್ತದೆ. ಹೂವಿನ ತಟ್ಟೆ ಕೊಳೆತು ಇಳುವರಿ ಕಡಿಮೆಯಾಗುತ್ತದೆ.
ನಿರ್ವಹಣೆ
ರೋಗ ಕಂಡ ಕೂಡಲೇ ಮ್ಯಾಂಕೋಜೆಬ್ 2 ಗ್ರಾಂ ಪ್ರತಿ ಲೀಟರ್ ನೀರಿಗೆ ಬೆರೆಸಿ 10 ದಿನಗಳ ಅಂತರದಲ್ಲಿ ಎರಡು ಬಾರಿ ಸಿಂಪಡಿಸಬೇಕು.
ಪಕ್ಷಿಗಳಿಂದ ರಕ್ಷಣೆ
ಕಾಳು ಕಟ್ಟುವ ಹಂತದಲ್ಲಿ ಗಿಳಿ ಮತ್ತು ಇತರ ಪಕ್ಷಿಗಳಿಂದ ಬೆಳೆ ರಕ್ಷಿಸಲು ಹೊಲದಲ್ಲಿ ಬೆದರು ಬೊಂಬೆ ನಿಲ್ಲಿಸಬೇಕು.
ಕೊಯ್ಲು ಮತ್ತು ಇಳುವರಿ
ಹೂವಿನ ತಟ್ಟೆಯ ಹಿಂಭಾಗ ಹಳದಿ ಬಣ್ಣಕ್ಕೆ ತಿರುಗಿದಾಗ ಕೊಯ್ಲು ಮಾಡಬೇಕು. ಕೊಯ್ಲು ಮಾಡಿದ ತಟ್ಟೆಗಳನ್ನು ಚೆನ್ನಾಗಿ ಒಣಗಿಸಿ ಕಾಳು ಬೇರ್ಪಡಿಸಬೇಕು.
ಉತ್ತಮ ನಿರ್ವಹಣೆಯಿಂದ ಎಕರೆಗೆ 8 ರಿಂದ 10 ಕ್ವಿಂಟಾಲ್ ಇಳುವರಿ ಹಾಗೂ 30 ರಿಂದ 40 ಸಾವಿರ ರೂ. ನಿವ್ವಳ ಲಾಭ ಪಡೆಯಬಹುದು ಎಂದು ತೋಟಗಾರಿಕೆ ಇಲಾಖೆ ಅಧಿಕಾರಿಗಳು ತಿಳಿಸಿದ್ದಾರೆ.
